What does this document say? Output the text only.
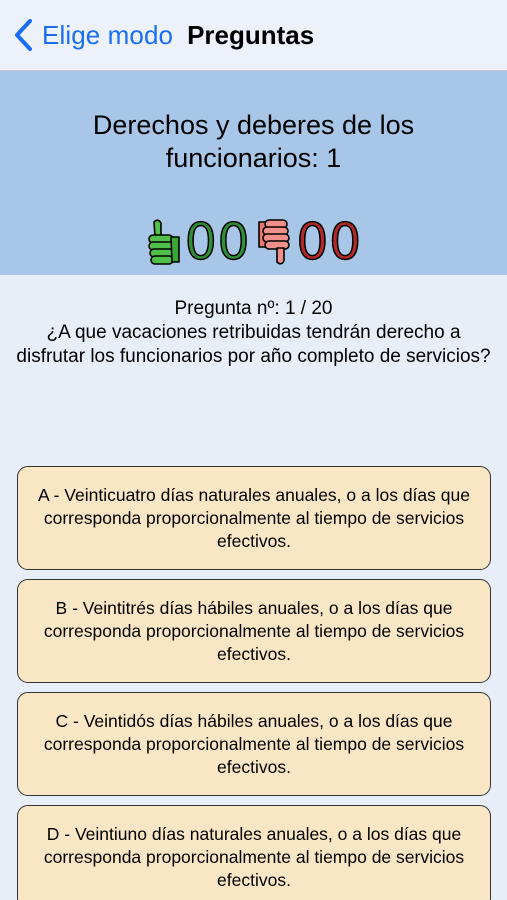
Elige modo Preguntas
Derechos y deberes de los funcionarios: 1
00 00
Pregunta nº: 1 / 20
¿A que vacaciones retribuidas tendrán derecho a disfrutar los funcionarios por año completo de servicios?
A - Veinticuatro días naturales anuales, o a los días que corresponda proporcionalmente al tiempo de servicios efectivos.
B - Veintitrés días hábiles anuales, o a los días que corresponda proporcionalmente al tiempo de servicios efectivos.
C - Veintidós días hábiles anuales, o a los días que corresponda proporcionalmente al tiempo de servicios efectivos.
D - Veintiuno días naturales anuales, o a los días que corresponda proporcionalmente al tiempo de servicios efectivos.
